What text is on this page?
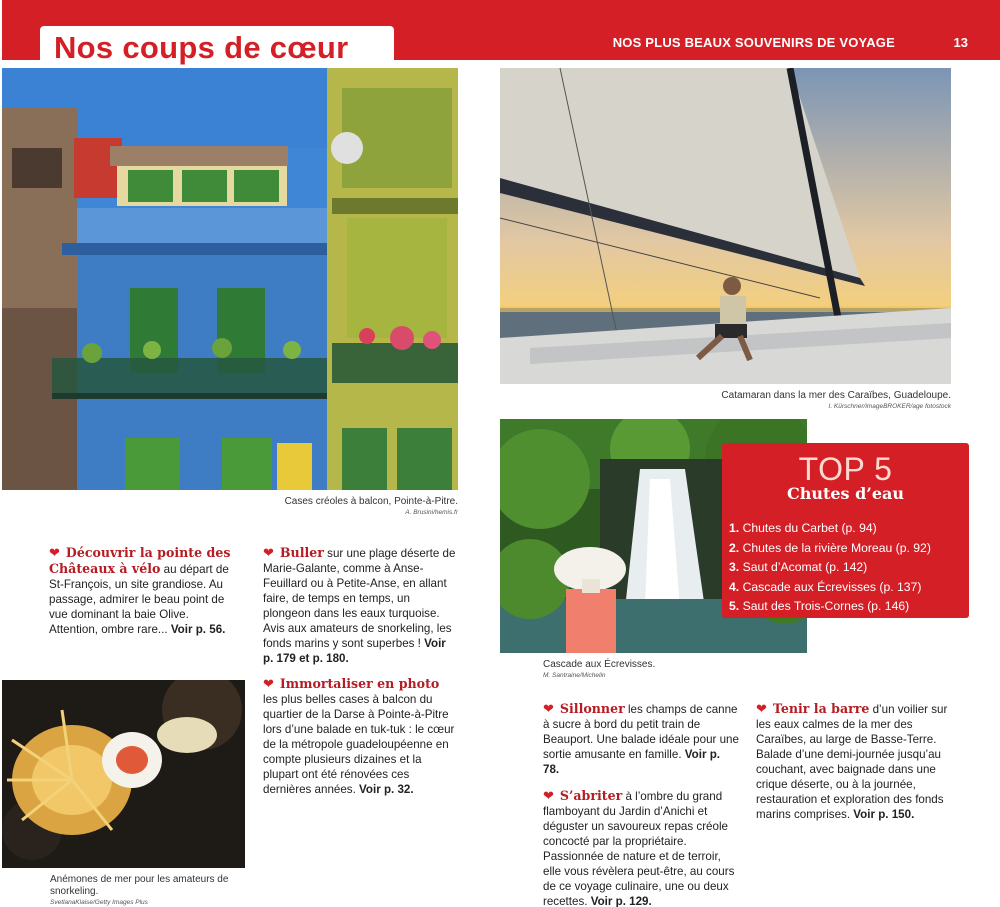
Nos coups de cœur	NOS PLUS BEAUX SOUVENIRS DE VOYAGE	13
Cases créoles à balcon, Pointe-à-Pitre.
A. Brusini/hemis.fr
Catamaran dans la mer des Caraïbes, Guadeloupe.
I. Kürschner/imageBROKER/age fotostock
Cascade aux Écrevisses.
M. Santraine/Michelin
Anémones de mer pour les amateurs de snorkeling.
SvetlanaKlaise/Getty Images Plus
❤ Découvrir la pointe des Châteaux à vélo au départ de St-François, un site grandiose. Au passage, admirer le beau point de vue dominant la baie Olive. Attention, ombre rare... Voir p. 56.
❤ Buller sur une plage déserte de Marie-Galante, comme à Anse-Feuillard ou à Petite-Anse, en allant faire, de temps en temps, un plongeon dans les eaux turquoise. Avis aux amateurs de snorkeling, les fonds marins y sont superbes ! Voir p. 179 et p. 180.
❤ Immortaliser en photo les plus belles cases à balcon du quartier de la Darse à Pointe-à-Pitre lors d’une balade en tuk-tuk : le cœur de la métropole guadeloupéenne en compte plusieurs dizaines et la plupart ont été rénovées ces dernières années. Voir p. 32.
❤ Sillonner les champs de canne à sucre à bord du petit train de Beauport. Une balade idéale pour une sortie amusante en famille. Voir p. 78.
❤ S’abriter à l’ombre du grand flamboyant du Jardin d’Anichi et déguster un savoureux repas créole concocté par la propriétaire. Passionnée de nature et de terroir, elle vous révèlera peut-être, au cours de ce voyage culinaire, une ou deux recettes. Voir p. 129.
❤ Tenir la barre d’un voilier sur les eaux calmes de la mer des Caraïbes, au large de Basse-Terre. Balade d’une demi-journée jusqu’au couchant, avec baignade dans une crique déserte, ou à la journée, restauration et exploration des fonds marins comprises. Voir p. 150.
TOP 5
Chutes d’eau
1. Chutes du Carbet (p. 94)
2. Chutes de la rivière Moreau (p. 92)
3. Saut d’Acomat (p. 142)
4. Cascade aux Écrevisses (p. 137)
5. Saut des Trois-Cornes (p. 146)
